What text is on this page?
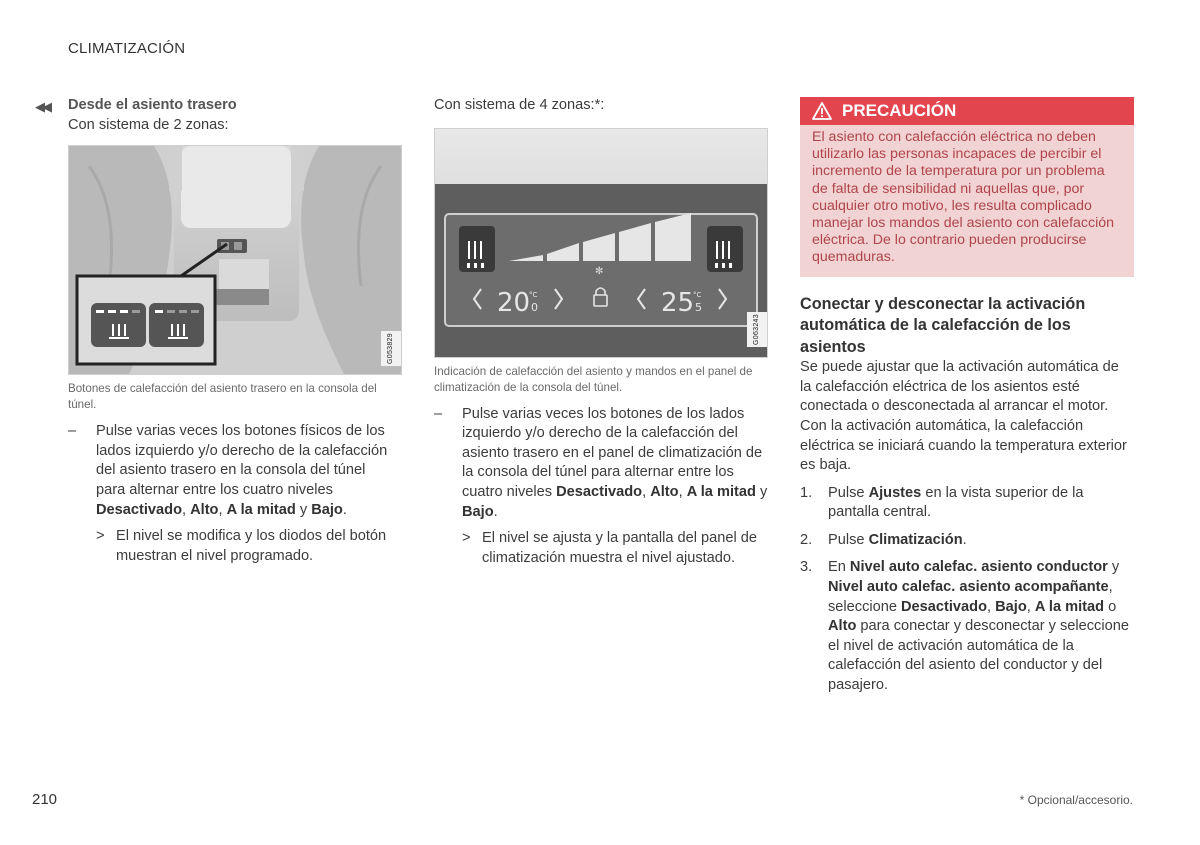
CLIMATIZACIÓN
◀◀ Desde el asiento trasero
Con sistema de 2 zonas:
G053829
Botones de calefacción del asiento trasero en la consola del túnel.
– Pulse varias veces los botones físicos de los lados izquierdo y/o derecho de la calefacción del asiento trasero en la consola del túnel para alternar entre los cuatro niveles Desactivado, Alto, A la mitad y Bajo.
> El nivel se modifica y los diodos del botón muestran el nivel programado.
Con sistema de 4 zonas:*:
✻
20
°C
0	25
°C
5
G063243
Indicación de calefacción del asiento y mandos en el panel de climatización de la consola del túnel.
– Pulse varias veces los botones de los lados izquierdo y/o derecho de la calefacción del asiento trasero en el panel de climatización de la consola del túnel para alternar entre los cuatro niveles Desactivado, Alto, A la mitad y Bajo.
> El nivel se ajusta y la pantalla del panel de climatización muestra el nivel ajustado.
PRECAUCIÓN
El asiento con calefacción eléctrica no deben utilizarlo las personas incapaces de percibir el incremento de la temperatura por un problema de falta de sensibilidad ni aquellas que, por cualquier otro motivo, les resulta complicado manejar los mandos del asiento con calefacción eléctrica. De lo contrario pueden producirse quemaduras.
Conectar y desconectar la activación automática de la calefacción de los asientos
Se puede ajustar que la activación automática de la calefacción eléctrica de los asientos esté conectada o desconectada al arrancar el motor. Con la activación automática, la calefacción eléctrica se iniciará cuando la temperatura exterior es baja.
1. Pulse Ajustes en la vista superior de la pantalla central.
2. Pulse Climatización.
3. En Nivel auto calefac. asiento conductor y Nivel auto calefac. asiento acompañante, seleccione Desactivado, Bajo, A la mitad o Alto para conectar y desconectar y seleccione el nivel de activación automática de la calefacción del asiento del conductor y del pasajero.
210	* Opcional/accesorio.
